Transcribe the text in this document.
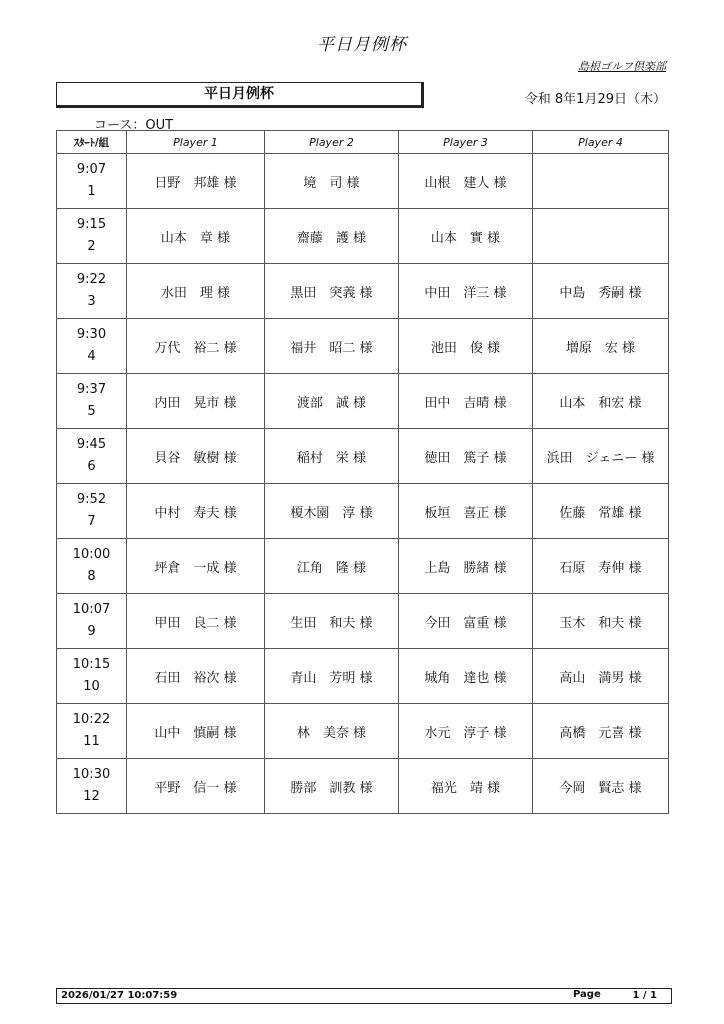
平日月例杯
島根ゴルフ倶楽部
平日月例杯	令和 8年1月29日（木）
コース：OUT
ｽﾀｰﾄ/組	Player 1	Player 2	Player 3	Player 4

9:07
1	日野　邦雄 様	境　司 様	山根　建人 様	

9:15
2	山本　章 様	齋藤　護 様	山本　實 様	

9:22
3	水田　理 様	黒田　突義 様	中田　洋三 様	中島　秀嗣 様

9:30
4	万代　裕二 様	福井　昭二 様	池田　俊 様	増原　宏 様

9:37
5	内田　晃市 様	渡部　誠 様	田中　吉晴 様	山本　和宏 様

9:45
6	貝谷　敏樹 様	稲村　栄 様	徳田　篤子 様	浜田　ジェニー 様

9:52
7	中村　寿夫 様	榎木園　淳 様	板垣　喜正 様	佐藤　常雄 様

10:00
8	坪倉　一成 様	江角　隆 様	上島　勝緒 様	石原　寿伸 様

10:07
9	甲田　良二 様	生田　和夫 様	今田　富重 様	玉木　和夫 様

10:15
10	石田　裕次 様	青山　芳明 様	城角　達也 様	高山　満男 様

10:22
11	山中　慎嗣 様	林　美奈 様	水元　淳子 様	高橋　元喜 様

10:30
12	平野　信一 様	勝部　訓教 様	福光　靖 様	今岡　賢志 様
2026/01/27 10:07:59	Page	1 / 1
